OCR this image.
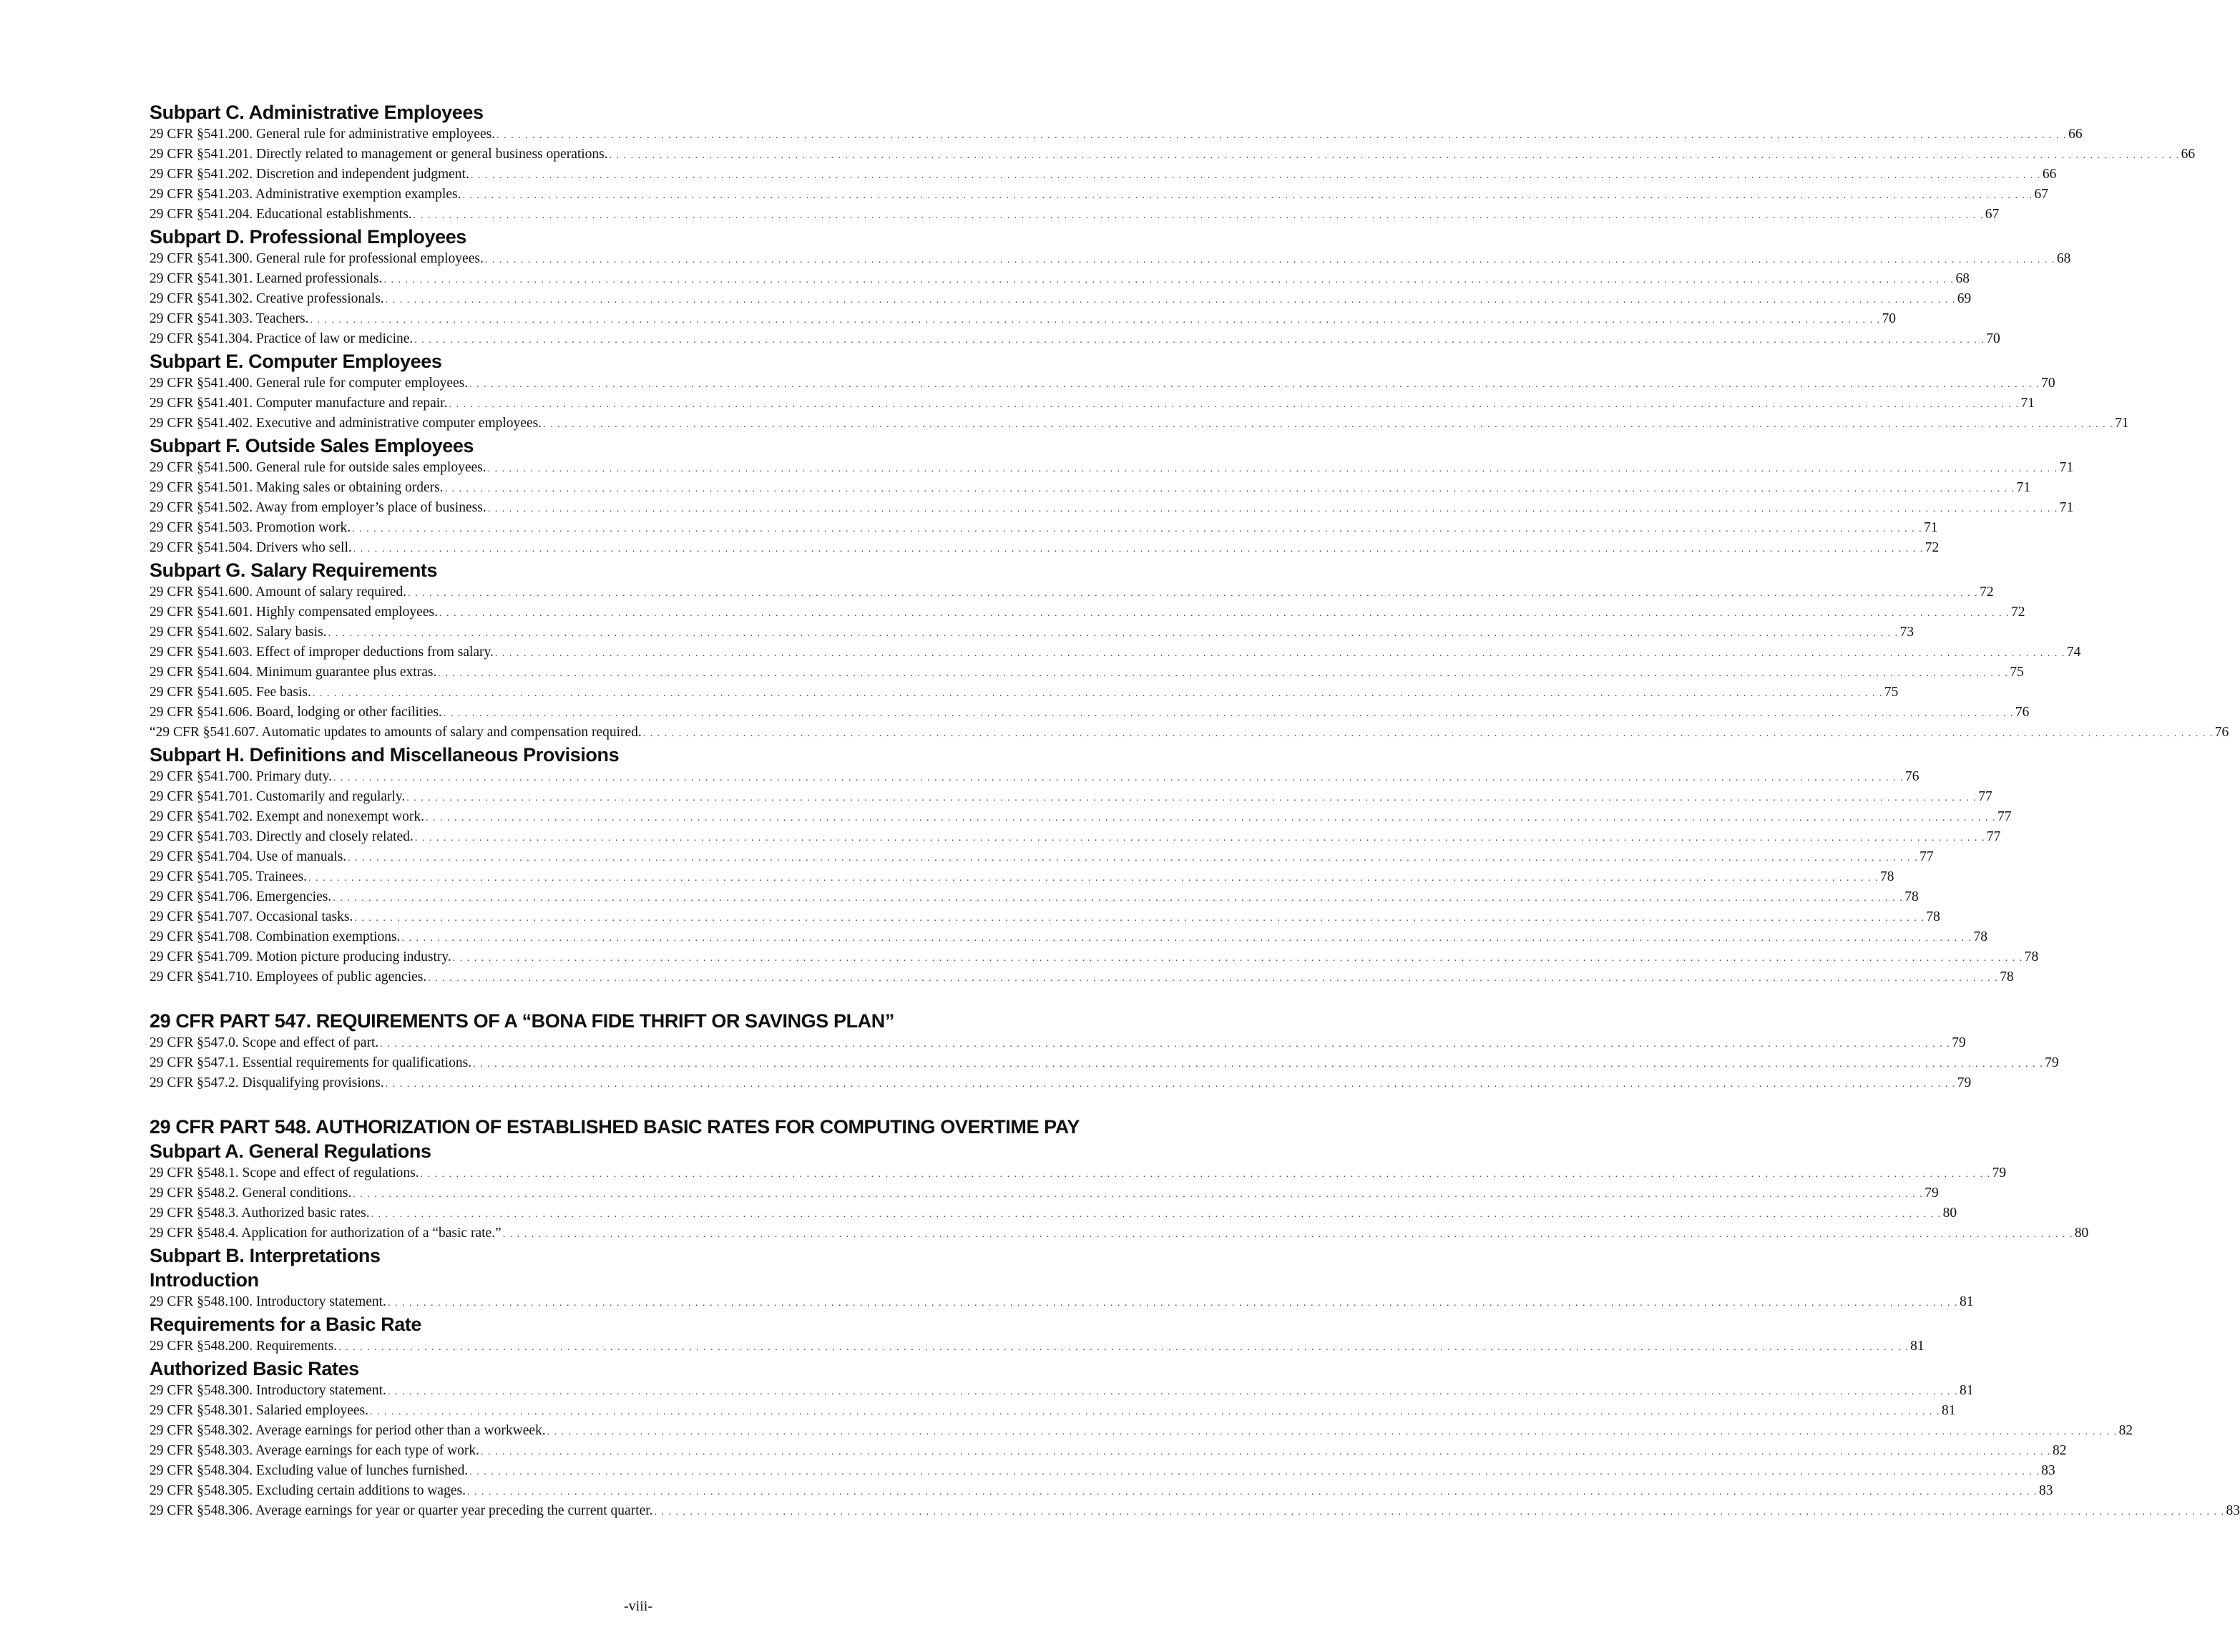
Subpart C. Administrative Employees
29 CFR §541.200. General rule for administrative employees. . . . . . . . . . . . . . . . . . . . . . . . . . . . . . . . . . . . . . . . . . . . . . . . . . . . . . . . . . . . . . . . . . . . . . . . . . . . . . . . . . . . . . . . . . . . . . . . . . . . . . . . . . . . . . . . . . . . . . . . . . . . . . . . . . . . . . . . . . . . . . . . . . . . . . . . . . . . . . . . . . . . . . . . . . . . . . . . . . . . . . . . . . . . . . . . . . . . . . . . . . . . . . . . . . . . . . . . . . . . . 66
29 CFR §541.201. Directly related to management or general business operations. . . . . . . . . . . . . . . . . . . . . . . . . . . . . . . . . . . . . . . . . . . . . . . . . . . . . . . . . . . . . . . . . . . . . . . . . . . . . . . . . . . . . . . . . . . . . . . . . . . . . . . . . . . . . . . . . . . . . . . . . . . . . . . . . . . . . . . . . . . . . . . . . . . . . . . . . . . . . . . . . . . . . . . . . . . . . . . . . . . . . . . . . . . . . . . . . . . . . . . . . . . . . . . . . . . . . . . . . . . . . 66
29 CFR §541.202. Discretion and independent judgment. . . . . . . . . . . . . . . . . . . . . . . . . . . . . . . . . . . . . . . . . . . . . . . . . . . . . . . . . . . . . . . . . . . . . . . . . . . . . . . . . . . . . . . . . . . . . . . . . . . . . . . . . . . . . . . . . . . . . . . . . . . . . . . . . . . . . . . . . . . . . . . . . . . . . . . . . . . . . . . . . . . . . . . . . . . . . . . . . . . . . . . . . . . . . . . . . . . . . . . . . . . . . . . . . . . . . . . . . . . . . 66
29 CFR §541.203. Administrative exemption examples. . . . . . . . . . . . . . . . . . . . . . . . . . . . . . . . . . . . . . . . . . . . . . . . . . . . . . . . . . . . . . . . . . . . . . . . . . . . . . . . . . . . . . . . . . . . . . . . . . . . . . . . . . . . . . . . . . . . . . . . . . . . . . . . . . . . . . . . . . . . . . . . . . . . . . . . . . . . . . . . . . . . . . . . . . . . . . . . . . . . . . . . . . . . . . . . . . . . . . . . . . . . . . . . . . . . . . . . . . . . . 67
29 CFR §541.204. Educational establishments. . . . . . . . . . . . . . . . . . . . . . . . . . . . . . . . . . . . . . . . . . . . . . . . . . . . . . . . . . . . . . . . . . . . . . . . . . . . . . . . . . . . . . . . . . . . . . . . . . . . . . . . . . . . . . . . . . . . . . . . . . . . . . . . . . . . . . . . . . . . . . . . . . . . . . . . . . . . . . . . . . . . . . . . . . . . . . . . . . . . . . . . . . . . . . . . . . . . . . . . . . . . . . . . . . . . . . . . . . . . . 67
Subpart D. Professional Employees
29 CFR §541.300. General rule for professional employees. . . . . . . . . . . . . . . . . . . . . . . . . . . . . . . . . . . . . . . . . . . . . . . . . . . . . . . . . . . . . . . . . . . . . . . . . . . . . . . . . . . . . . . . . . . . . . . . . . . . . . . . . . . . . . . . . . . . . . . . . . . . . . . . . . . . . . . . . . . . . . . . . . . . . . . . . . . . . . . . . . . . . . . . . . . . . . . . . . . . . . . . . . . . . . . . . . . . . . . . . . . . . . . . . . . . . . . . . . . . . 68
29 CFR §541.301. Learned professionals. . . . . . . . . . . . . . . . . . . . . . . . . . . . . . . . . . . . . . . . . . . . . . . . . . . . . . . . . . . . . . . . . . . . . . . . . . . . . . . . . . . . . . . . . . . . . . . . . . . . . . . . . . . . . . . . . . . . . . . . . . . . . . . . . . . . . . . . . . . . . . . . . . . . . . . . . . . . . . . . . . . . . . . . . . . . . . . . . . . . . . . . . . . . . . . . . . . . . . . . . . . . . . . . . . . . . . . . . . . . . 68
29 CFR §541.302. Creative professionals. . . . . . . . . . . . . . . . . . . . . . . . . . . . . . . . . . . . . . . . . . . . . . . . . . . . . . . . . . . . . . . . . . . . . . . . . . . . . . . . . . . . . . . . . . . . . . . . . . . . . . . . . . . . . . . . . . . . . . . . . . . . . . . . . . . . . . . . . . . . . . . . . . . . . . . . . . . . . . . . . . . . . . . . . . . . . . . . . . . . . . . . . . . . . . . . . . . . . . . . . . . . . . . . . . . . . . . . . . . . . 69
29 CFR §541.303. Teachers. . . . . . . . . . . . . . . . . . . . . . . . . . . . . . . . . . . . . . . . . . . . . . . . . . . . . . . . . . . . . . . . . . . . . . . . . . . . . . . . . . . . . . . . . . . . . . . . . . . . . . . . . . . . . . . . . . . . . . . . . . . . . . . . . . . . . . . . . . . . . . . . . . . . . . . . . . . . . . . . . . . . . . . . . . . . . . . . . . . . . . . . . . . . . . . . . . . . . . . . . . . . . . . . . . . . . . . . . . . . . 70
29 CFR §541.304. Practice of law or medicine. . . . . . . . . . . . . . . . . . . . . . . . . . . . . . . . . . . . . . . . . . . . . . . . . . . . . . . . . . . . . . . . . . . . . . . . . . . . . . . . . . . . . . . . . . . . . . . . . . . . . . . . . . . . . . . . . . . . . . . . . . . . . . . . . . . . . . . . . . . . . . . . . . . . . . . . . . . . . . . . . . . . . . . . . . . . . . . . . . . . . . . . . . . . . . . . . . . . . . . . . . . . . . . . . . . . . . . . . . . . . 70
Subpart E. Computer Employees
29 CFR §541.400. General rule for computer employees. . . . . . . . . . . . . . . . . . . . . . . . . . . . . . . . . . . . . . . . . . . . . . . . . . . . . . . . . . . . . . . . . . . . . . . . . . . . . . . . . . . . . . . . . . . . . . . . . . . . . . . . . . . . . . . . . . . . . . . . . . . . . . . . . . . . . . . . . . . . . . . . . . . . . . . . . . . . . . . . . . . . . . . . . . . . . . . . . . . . . . . . . . . . . . . . . . . . . . . . . . . . . . . . . . . . . . . . . . . . . 70
29 CFR §541.401. Computer manufacture and repair. . . . . . . . . . . . . . . . . . . . . . . . . . . . . . . . . . . . . . . . . . . . . . . . . . . . . . . . . . . . . . . . . . . . . . . . . . . . . . . . . . . . . . . . . . . . . . . . . . . . . . . . . . . . . . . . . . . . . . . . . . . . . . . . . . . . . . . . . . . . . . . . . . . . . . . . . . . . . . . . . . . . . . . . . . . . . . . . . . . . . . . . . . . . . . . . . . . . . . . . . . . . . . . . . . . . . . . . . . . . . 71
29 CFR §541.402. Executive and administrative computer employees. . . . . . . . . . . . . . . . . . . . . . . . . . . . . . . . . . . . . . . . . . . . . . . . . . . . . . . . . . . . . . . . . . . . . . . . . . . . . . . . . . . . . . . . . . . . . . . . . . . . . . . . . . . . . . . . . . . . . . . . . . . . . . . . . . . . . . . . . . . . . . . . . . . . . . . . . . . . . . . . . . . . . . . . . . . . . . . . . . . . . . . . . . . . . . . . . . . . . . . . . . . . . . . . . . . . . . . . . . . . . 71
Subpart F. Outside Sales Employees
29 CFR §541.500. General rule for outside sales employees. . . . . . . . . . . . . . . . . . . . . . . . . . . . . . . . . . . . . . . . . . . . . . . . . . . . . . . . . . . . . . . . . . . . . . . . . . . . . . . . . . . . . . . . . . . . . . . . . . . . . . . . . . . . . . . . . . . . . . . . . . . . . . . . . . . . . . . . . . . . . . . . . . . . . . . . . . . . . . . . . . . . . . . . . . . . . . . . . . . . . . . . . . . . . . . . . . . . . . . . . . . . . . . . . . . . . . . . . . . . . 71
29 CFR §541.501. Making sales or obtaining orders. . . . . . . . . . . . . . . . . . . . . . . . . . . . . . . . . . . . . . . . . . . . . . . . . . . . . . . . . . . . . . . . . . . . . . . . . . . . . . . . . . . . . . . . . . . . . . . . . . . . . . . . . . . . . . . . . . . . . . . . . . . . . . . . . . . . . . . . . . . . . . . . . . . . . . . . . . . . . . . . . . . . . . . . . . . . . . . . . . . . . . . . . . . . . . . . . . . . . . . . . . . . . . . . . . . . . . . . . . . . . 71
29 CFR §541.502. Away from employer’s place of business. . . . . . . . . . . . . . . . . . . . . . . . . . . . . . . . . . . . . . . . . . . . . . . . . . . . . . . . . . . . . . . . . . . . . . . . . . . . . . . . . . . . . . . . . . . . . . . . . . . . . . . . . . . . . . . . . . . . . . . . . . . . . . . . . . . . . . . . . . . . . . . . . . . . . . . . . . . . . . . . . . . . . . . . . . . . . . . . . . . . . . . . . . . . . . . . . . . . . . . . . . . . . . . . . . . . . . . . . . . . . 71
29 CFR §541.503. Promotion work. . . . . . . . . . . . . . . . . . . . . . . . . . . . . . . . . . . . . . . . . . . . . . . . . . . . . . . . . . . . . . . . . . . . . . . . . . . . . . . . . . . . . . . . . . . . . . . . . . . . . . . . . . . . . . . . . . . . . . . . . . . . . . . . . . . . . . . . . . . . . . . . . . . . . . . . . . . . . . . . . . . . . . . . . . . . . . . . . . . . . . . . . . . . . . . . . . . . . . . . . . . . . . . . . . . . . . . . . . . . . 71
29 CFR §541.504. Drivers who sell. . . . . . . . . . . . . . . . . . . . . . . . . . . . . . . . . . . . . . . . . . . . . . . . . . . . . . . . . . . . . . . . . . . . . . . . . . . . . . . . . . . . . . . . . . . . . . . . . . . . . . . . . . . . . . . . . . . . . . . . . . . . . . . . . . . . . . . . . . . . . . . . . . . . . . . . . . . . . . . . . . . . . . . . . . . . . . . . . . . . . . . . . . . . . . . . . . . . . . . . . . . . . . . . . . . . . . . . . . . . . 72
Subpart G. Salary Requirements
29 CFR §541.600. Amount of salary required. . . . . . . . . . . . . . . . . . . . . . . . . . . . . . . . . . . . . . . . . . . . . . . . . . . . . . . . . . . . . . . . . . . . . . . . . . . . . . . . . . . . . . . . . . . . . . . . . . . . . . . . . . . . . . . . . . . . . . . . . . . . . . . . . . . . . . . . . . . . . . . . . . . . . . . . . . . . . . . . . . . . . . . . . . . . . . . . . . . . . . . . . . . . . . . . . . . . . . . . . . . . . . . . . . . . . . . . . . . . . 72
29 CFR §541.601. Highly compensated employees. . . . . . . . . . . . . . . . . . . . . . . . . . . . . . . . . . . . . . . . . . . . . . . . . . . . . . . . . . . . . . . . . . . . . . . . . . . . . . . . . . . . . . . . . . . . . . . . . . . . . . . . . . . . . . . . . . . . . . . . . . . . . . . . . . . . . . . . . . . . . . . . . . . . . . . . . . . . . . . . . . . . . . . . . . . . . . . . . . . . . . . . . . . . . . . . . . . . . . . . . . . . . . . . . . . . . . . . . . . . . 72
29 CFR §541.602. Salary basis. . . . . . . . . . . . . . . . . . . . . . . . . . . . . . . . . . . . . . . . . . . . . . . . . . . . . . . . . . . . . . . . . . . . . . . . . . . . . . . . . . . . . . . . . . . . . . . . . . . . . . . . . . . . . . . . . . . . . . . . . . . . . . . . . . . . . . . . . . . . . . . . . . . . . . . . . . . . . . . . . . . . . . . . . . . . . . . . . . . . . . . . . . . . . . . . . . . . . . . . . . . . . . . . . . . . . . . . . . . . . 73
29 CFR §541.603. Effect of improper deductions from salary. . . . . . . . . . . . . . . . . . . . . . . . . . . . . . . . . . . . . . . . . . . . . . . . . . . . . . . . . . . . . . . . . . . . . . . . . . . . . . . . . . . . . . . . . . . . . . . . . . . . . . . . . . . . . . . . . . . . . . . . . . . . . . . . . . . . . . . . . . . . . . . . . . . . . . . . . . . . . . . . . . . . . . . . . . . . . . . . . . . . . . . . . . . . . . . . . . . . . . . . . . . . . . . . . . . . . . . . . . . . . 74
29 CFR §541.604. Minimum guarantee plus extras. . . . . . . . . . . . . . . . . . . . . . . . . . . . . . . . . . . . . . . . . . . . . . . . . . . . . . . . . . . . . . . . . . . . . . . . . . . . . . . . . . . . . . . . . . . . . . . . . . . . . . . . . . . . . . . . . . . . . . . . . . . . . . . . . . . . . . . . . . . . . . . . . . . . . . . . . . . . . . . . . . . . . . . . . . . . . . . . . . . . . . . . . . . . . . . . . . . . . . . . . . . . . . . . . . . . . . . . . . . . . 75
29 CFR §541.605. Fee basis. . . . . . . . . . . . . . . . . . . . . . . . . . . . . . . . . . . . . . . . . . . . . . . . . . . . . . . . . . . . . . . . . . . . . . . . . . . . . . . . . . . . . . . . . . . . . . . . . . . . . . . . . . . . . . . . . . . . . . . . . . . . . . . . . . . . . . . . . . . . . . . . . . . . . . . . . . . . . . . . . . . . . . . . . . . . . . . . . . . . . . . . . . . . . . . . . . . . . . . . . . . . . . . . . . . . . . . . . . . . . 75
29 CFR §541.606. Board, lodging or other facilities. . . . . . . . . . . . . . . . . . . . . . . . . . . . . . . . . . . . . . . . . . . . . . . . . . . . . . . . . . . . . . . . . . . . . . . . . . . . . . . . . . . . . . . . . . . . . . . . . . . . . . . . . . . . . . . . . . . . . . . . . . . . . . . . . . . . . . . . . . . . . . . . . . . . . . . . . . . . . . . . . . . . . . . . . . . . . . . . . . . . . . . . . . . . . . . . . . . . . . . . . . . . . . . . . . . . . . . . . . . . . 76
“29 CFR §541.607. Automatic updates to amounts of salary and compensation required. . . . . . . . . . . . . . . . . . . . . . . . . . . . . . . . . . . . . . . . . . . . . . . . . . . . . . . . . . . . . . . . . . . . . . . . . . . . . . . . . . . . . . . . . . . . . . . . . . . . . . . . . . . . . . . . . . . . . . . . . . . . . . . . . . . . . . . . . . . . . . . . . . . . . . . . . . . . . . . . . . . . . . . . . . . . . . . . . . . . . . . . . . . . . . . . . . . . . . . . . . . . . . . . . . . . . . . . . . . . . 76
Subpart H. Definitions and Miscellaneous Provisions
29 CFR §541.700. Primary duty. . . . . . . . . . . . . . . . . . . . . . . . . . . . . . . . . . . . . . . . . . . . . . . . . . . . . . . . . . . . . . . . . . . . . . . . . . . . . . . . . . . . . . . . . . . . . . . . . . . . . . . . . . . . . . . . . . . . . . . . . . . . . . . . . . . . . . . . . . . . . . . . . . . . . . . . . . . . . . . . . . . . . . . . . . . . . . . . . . . . . . . . . . . . . . . . . . . . . . . . . . . . . . . . . . . . . . . . . . . . . 76
29 CFR §541.701. Customarily and regularly. . . . . . . . . . . . . . . . . . . . . . . . . . . . . . . . . . . . . . . . . . . . . . . . . . . . . . . . . . . . . . . . . . . . . . . . . . . . . . . . . . . . . . . . . . . . . . . . . . . . . . . . . . . . . . . . . . . . . . . . . . . . . . . . . . . . . . . . . . . . . . . . . . . . . . . . . . . . . . . . . . . . . . . . . . . . . . . . . . . . . . . . . . . . . . . . . . . . . . . . . . . . . . . . . . . . . . . . . . . . . 77
29 CFR §541.702. Exempt and nonexempt work. . . . . . . . . . . . . . . . . . . . . . . . . . . . . . . . . . . . . . . . . . . . . . . . . . . . . . . . . . . . . . . . . . . . . . . . . . . . . . . . . . . . . . . . . . . . . . . . . . . . . . . . . . . . . . . . . . . . . . . . . . . . . . . . . . . . . . . . . . . . . . . . . . . . . . . . . . . . . . . . . . . . . . . . . . . . . . . . . . . . . . . . . . . . . . . . . . . . . . . . . . . . . . . . . . . . . . . . . . . . . 77
29 CFR §541.703. Directly and closely related. . . . . . . . . . . . . . . . . . . . . . . . . . . . . . . . . . . . . . . . . . . . . . . . . . . . . . . . . . . . . . . . . . . . . . . . . . . . . . . . . . . . . . . . . . . . . . . . . . . . . . . . . . . . . . . . . . . . . . . . . . . . . . . . . . . . . . . . . . . . . . . . . . . . . . . . . . . . . . . . . . . . . . . . . . . . . . . . . . . . . . . . . . . . . . . . . . . . . . . . . . . . . . . . . . . . . . . . . . . . . 77
29 CFR §541.704. Use of manuals. . . . . . . . . . . . . . . . . . . . . . . . . . . . . . . . . . . . . . . . . . . . . . . . . . . . . . . . . . . . . . . . . . . . . . . . . . . . . . . . . . . . . . . . . . . . . . . . . . . . . . . . . . . . . . . . . . . . . . . . . . . . . . . . . . . . . . . . . . . . . . . . . . . . . . . . . . . . . . . . . . . . . . . . . . . . . . . . . . . . . . . . . . . . . . . . . . . . . . . . . . . . . . . . . . . . . . . . . . . . . 77
29 CFR §541.705. Trainees. . . . . . . . . . . . . . . . . . . . . . . . . . . . . . . . . . . . . . . . . . . . . . . . . . . . . . . . . . . . . . . . . . . . . . . . . . . . . . . . . . . . . . . . . . . . . . . . . . . . . . . . . . . . . . . . . . . . . . . . . . . . . . . . . . . . . . . . . . . . . . . . . . . . . . . . . . . . . . . . . . . . . . . . . . . . . . . . . . . . . . . . . . . . . . . . . . . . . . . . . . . . . . . . . . . . . . . . . . . . . 78
29 CFR §541.706. Emergencies. . . . . . . . . . . . . . . . . . . . . . . . . . . . . . . . . . . . . . . . . . . . . . . . . . . . . . . . . . . . . . . . . . . . . . . . . . . . . . . . . . . . . . . . . . . . . . . . . . . . . . . . . . . . . . . . . . . . . . . . . . . . . . . . . . . . . . . . . . . . . . . . . . . . . . . . . . . . . . . . . . . . . . . . . . . . . . . . . . . . . . . . . . . . . . . . . . . . . . . . . . . . . . . . . . . . . . . . . . . . . 78
29 CFR §541.707. Occasional tasks. . . . . . . . . . . . . . . . . . . . . . . . . . . . . . . . . . . . . . . . . . . . . . . . . . . . . . . . . . . . . . . . . . . . . . . . . . . . . . . . . . . . . . . . . . . . . . . . . . . . . . . . . . . . . . . . . . . . . . . . . . . . . . . . . . . . . . . . . . . . . . . . . . . . . . . . . . . . . . . . . . . . . . . . . . . . . . . . . . . . . . . . . . . . . . . . . . . . . . . . . . . . . . . . . . . . . . . . . . . . . 78
29 CFR §541.708. Combination exemptions. . . . . . . . . . . . . . . . . . . . . . . . . . . . . . . . . . . . . . . . . . . . . . . . . . . . . . . . . . . . . . . . . . . . . . . . . . . . . . . . . . . . . . . . . . . . . . . . . . . . . . . . . . . . . . . . . . . . . . . . . . . . . . . . . . . . . . . . . . . . . . . . . . . . . . . . . . . . . . . . . . . . . . . . . . . . . . . . . . . . . . . . . . . . . . . . . . . . . . . . . . . . . . . . . . . . . . . . . . . . . 78
29 CFR §541.709. Motion picture producing industry. . . . . . . . . . . . . . . . . . . . . . . . . . . . . . . . . . . . . . . . . . . . . . . . . . . . . . . . . . . . . . . . . . . . . . . . . . . . . . . . . . . . . . . . . . . . . . . . . . . . . . . . . . . . . . . . . . . . . . . . . . . . . . . . . . . . . . . . . . . . . . . . . . . . . . . . . . . . . . . . . . . . . . . . . . . . . . . . . . . . . . . . . . . . . . . . . . . . . . . . . . . . . . . . . . . . . . . . . . . . . 78
29 CFR §541.710. Employees of public agencies. . . . . . . . . . . . . . . . . . . . . . . . . . . . . . . . . . . . . . . . . . . . . . . . . . . . . . . . . . . . . . . . . . . . . . . . . . . . . . . . . . . . . . . . . . . . . . . . . . . . . . . . . . . . . . . . . . . . . . . . . . . . . . . . . . . . . . . . . . . . . . . . . . . . . . . . . . . . . . . . . . . . . . . . . . . . . . . . . . . . . . . . . . . . . . . . . . . . . . . . . . . . . . . . . . . . . . . . . . . . . 78
29 CFR PART 547. REQUIREMENTS OF A “BONA FIDE THRIFT OR SAVINGS PLAN”
29 CFR §547.0. Scope and effect of part. . . . . . . . . . . . . . . . . . . . . . . . . . . . . . . . . . . . . . . . . . . . . . . . . . . . . . . . . . . . . . . . . . . . . . . . . . . . . . . . . . . . . . . . . . . . . . . . . . . . . . . . . . . . . . . . . . . . . . . . . . . . . . . . . . . . . . . . . . . . . . . . . . . . . . . . . . . . . . . . . . . . . . . . . . . . . . . . . . . . . . . . . . . . . . . . . . . . . . . . . . . . . . . . . . . . . . . . . . . . . 79
29 CFR §547.1. Essential requirements for qualifications. . . . . . . . . . . . . . . . . . . . . . . . . . . . . . . . . . . . . . . . . . . . . . . . . . . . . . . . . . . . . . . . . . . . . . . . . . . . . . . . . . . . . . . . . . . . . . . . . . . . . . . . . . . . . . . . . . . . . . . . . . . . . . . . . . . . . . . . . . . . . . . . . . . . . . . . . . . . . . . . . . . . . . . . . . . . . . . . . . . . . . . . . . . . . . . . . . . . . . . . . . . . . . . . . . . . . . . . . . . . . 79
29 CFR §547.2. Disqualifying provisions. . . . . . . . . . . . . . . . . . . . . . . . . . . . . . . . . . . . . . . . . . . . . . . . . . . . . . . . . . . . . . . . . . . . . . . . . . . . . . . . . . . . . . . . . . . . . . . . . . . . . . . . . . . . . . . . . . . . . . . . . . . . . . . . . . . . . . . . . . . . . . . . . . . . . . . . . . . . . . . . . . . . . . . . . . . . . . . . . . . . . . . . . . . . . . . . . . . . . . . . . . . . . . . . . . . . . . . . . . . . . 79
29 CFR PART 548. AUTHORIZATION OF ESTABLISHED BASIC RATES FOR COMPUTING OVERTIME PAY
Subpart A. General Regulations
29 CFR §548.1. Scope and effect of regulations. . . . . . . . . . . . . . . . . . . . . . . . . . . . . . . . . . . . . . . . . . . . . . . . . . . . . . . . . . . . . . . . . . . . . . . . . . . . . . . . . . . . . . . . . . . . . . . . . . . . . . . . . . . . . . . . . . . . . . . . . . . . . . . . . . . . . . . . . . . . . . . . . . . . . . . . . . . . . . . . . . . . . . . . . . . . . . . . . . . . . . . . . . . . . . . . . . . . . . . . . . . . . . . . . . . . . . . . . . . . . 79
29 CFR §548.2. General conditions. . . . . . . . . . . . . . . . . . . . . . . . . . . . . . . . . . . . . . . . . . . . . . . . . . . . . . . . . . . . . . . . . . . . . . . . . . . . . . . . . . . . . . . . . . . . . . . . . . . . . . . . . . . . . . . . . . . . . . . . . . . . . . . . . . . . . . . . . . . . . . . . . . . . . . . . . . . . . . . . . . . . . . . . . . . . . . . . . . . . . . . . . . . . . . . . . . . . . . . . . . . . . . . . . . . . . . . . . . . . . 79
29 CFR §548.3. Authorized basic rates. . . . . . . . . . . . . . . . . . . . . . . . . . . . . . . . . . . . . . . . . . . . . . . . . . . . . . . . . . . . . . . . . . . . . . . . . . . . . . . . . . . . . . . . . . . . . . . . . . . . . . . . . . . . . . . . . . . . . . . . . . . . . . . . . . . . . . . . . . . . . . . . . . . . . . . . . . . . . . . . . . . . . . . . . . . . . . . . . . . . . . . . . . . . . . . . . . . . . . . . . . . . . . . . . . . . . . . . . . . . . 80
29 CFR §548.4. Application for authorization of a “basic rate.” . . . . . . . . . . . . . . . . . . . . . . . . . . . . . . . . . . . . . . . . . . . . . . . . . . . . . . . . . . . . . . . . . . . . . . . . . . . . . . . . . . . . . . . . . . . . . . . . . . . . . . . . . . . . . . . . . . . . . . . . . . . . . . . . . . . . . . . . . . . . . . . . . . . . . . . . . . . . . . . . . . . . . . . . . . . . . . . . . . . . . . . . . . . . . . . . . . . . . . . . . . . . . . . . . . . . . . . . . . . . 80
Subpart B. Interpretations
Introduction
29 CFR §548.100. Introductory statement. . . . . . . . . . . . . . . . . . . . . . . . . . . . . . . . . . . . . . . . . . . . . . . . . . . . . . . . . . . . . . . . . . . . . . . . . . . . . . . . . . . . . . . . . . . . . . . . . . . . . . . . . . . . . . . . . . . . . . . . . . . . . . . . . . . . . . . . . . . . . . . . . . . . . . . . . . . . . . . . . . . . . . . . . . . . . . . . . . . . . . . . . . . . . . . . . . . . . . . . . . . . . . . . . . . . . . . . . . . . . 81
Requirements for a Basic Rate
29 CFR §548.200. Requirements. . . . . . . . . . . . . . . . . . . . . . . . . . . . . . . . . . . . . . . . . . . . . . . . . . . . . . . . . . . . . . . . . . . . . . . . . . . . . . . . . . . . . . . . . . . . . . . . . . . . . . . . . . . . . . . . . . . . . . . . . . . . . . . . . . . . . . . . . . . . . . . . . . . . . . . . . . . . . . . . . . . . . . . . . . . . . . . . . . . . . . . . . . . . . . . . . . . . . . . . . . . . . . . . . . . . . . . . . . . . . 81
Authorized Basic Rates
29 CFR §548.300. Introductory statement. . . . . . . . . . . . . . . . . . . . . . . . . . . . . . . . . . . . . . . . . . . . . . . . . . . . . . . . . . . . . . . . . . . . . . . . . . . . . . . . . . . . . . . . . . . . . . . . . . . . . . . . . . . . . . . . . . . . . . . . . . . . . . . . . . . . . . . . . . . . . . . . . . . . . . . . . . . . . . . . . . . . . . . . . . . . . . . . . . . . . . . . . . . . . . . . . . . . . . . . . . . . . . . . . . . . . . . . . . . . . 81
29 CFR §548.301. Salaried employees. . . . . . . . . . . . . . . . . . . . . . . . . . . . . . . . . . . . . . . . . . . . . . . . . . . . . . . . . . . . . . . . . . . . . . . . . . . . . . . . . . . . . . . . . . . . . . . . . . . . . . . . . . . . . . . . . . . . . . . . . . . . . . . . . . . . . . . . . . . . . . . . . . . . . . . . . . . . . . . . . . . . . . . . . . . . . . . . . . . . . . . . . . . . . . . . . . . . . . . . . . . . . . . . . . . . . . . . . . . . . 81
29 CFR §548.302. Average earnings for period other than a workweek. . . . . . . . . . . . . . . . . . . . . . . . . . . . . . . . . . . . . . . . . . . . . . . . . . . . . . . . . . . . . . . . . . . . . . . . . . . . . . . . . . . . . . . . . . . . . . . . . . . . . . . . . . . . . . . . . . . . . . . . . . . . . . . . . . . . . . . . . . . . . . . . . . . . . . . . . . . . . . . . . . . . . . . . . . . . . . . . . . . . . . . . . . . . . . . . . . . . . . . . . . . . . . . . . . . . . . . . . . . . . 82
29 CFR §548.303. Average earnings for each type of work. . . . . . . . . . . . . . . . . . . . . . . . . . . . . . . . . . . . . . . . . . . . . . . . . . . . . . . . . . . . . . . . . . . . . . . . . . . . . . . . . . . . . . . . . . . . . . . . . . . . . . . . . . . . . . . . . . . . . . . . . . . . . . . . . . . . . . . . . . . . . . . . . . . . . . . . . . . . . . . . . . . . . . . . . . . . . . . . . . . . . . . . . . . . . . . . . . . . . . . . . . . . . . . . . . . . . . . . . . . . . 82
29 CFR §548.304. Excluding value of lunches furnished. . . . . . . . . . . . . . . . . . . . . . . . . . . . . . . . . . . . . . . . . . . . . . . . . . . . . . . . . . . . . . . . . . . . . . . . . . . . . . . . . . . . . . . . . . . . . . . . . . . . . . . . . . . . . . . . . . . . . . . . . . . . . . . . . . . . . . . . . . . . . . . . . . . . . . . . . . . . . . . . . . . . . . . . . . . . . . . . . . . . . . . . . . . . . . . . . . . . . . . . . . . . . . . . . . . . . . . . . . . . . 83
29 CFR §548.305. Excluding certain additions to wages. . . . . . . . . . . . . . . . . . . . . . . . . . . . . . . . . . . . . . . . . . . . . . . . . . . . . . . . . . . . . . . . . . . . . . . . . . . . . . . . . . . . . . . . . . . . . . . . . . . . . . . . . . . . . . . . . . . . . . . . . . . . . . . . . . . . . . . . . . . . . . . . . . . . . . . . . . . . . . . . . . . . . . . . . . . . . . . . . . . . . . . . . . . . . . . . . . . . . . . . . . . . . . . . . . . . . . . . . . . . . 83
29 CFR §548.306. Average earnings for year or quarter year preceding the current quarter. . . . . . . . . . . . . . . . . . . . . . . . . . . . . . . . . . . . . . . . . . . . . . . . . . . . . . . . . . . . . . . . . . . . . . . . . . . . . . . . . . . . . . . . . . . . . . . . . . . . . . . . . . . . . . . . . . . . . . . . . . . . . . . . . . . . . . . . . . . . . . . . . . . . . . . . . . . . . . . . . . . . . . . . . . . . . . . . . . . . . . . . . . . . . . . . . . . . . . . . . . . . . . . . . . . . . . . . . . . . . 83
-viii-
